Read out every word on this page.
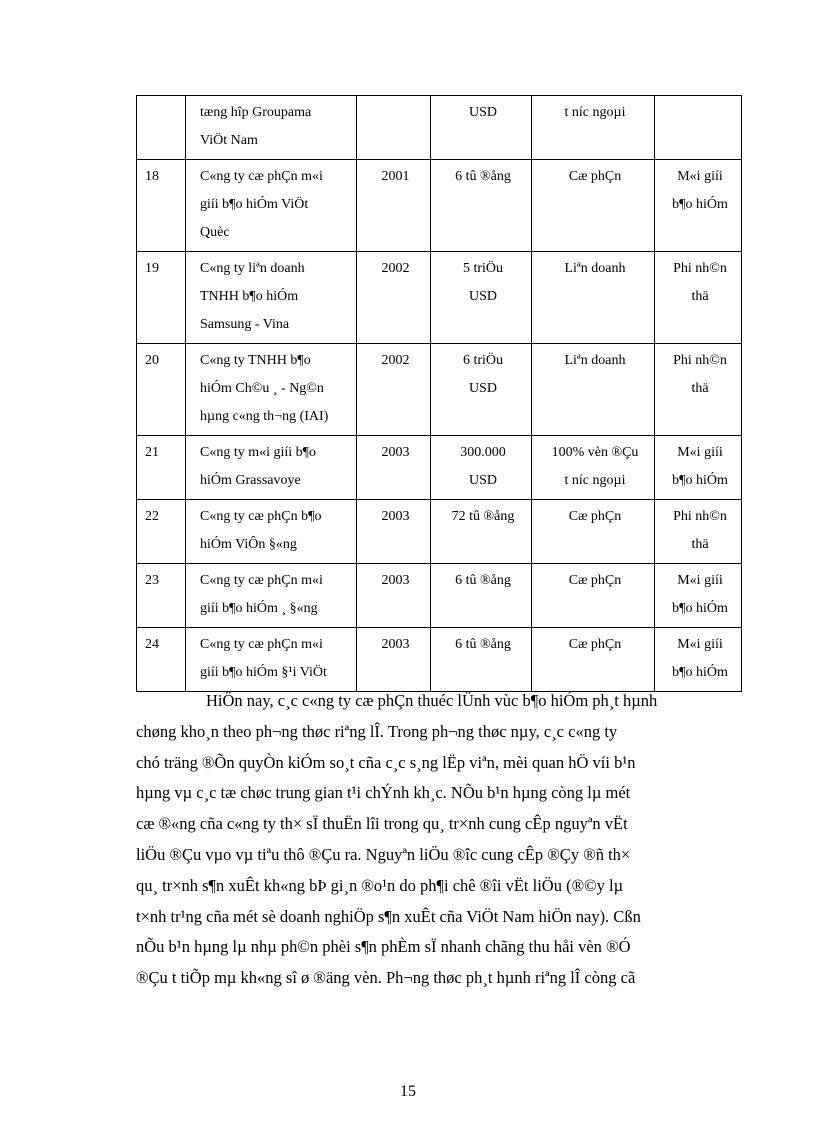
	tæng hîp Groupama
ViÖt Nam		USD	t níc ngoµi	

18	C«ng ty cæ phÇn m«i
giíi b¶o hiÓm ViÖt
Quèc	2001	6 tû ®ång	Cæ phÇn	M«i giíi
b¶o hiÓm

19	C«ng ty liªn doanh
TNHH b¶o hiÓm
Samsung - Vina	2002	5 triÖu
USD	Liªn doanh	Phi nh©n
thä

20	C«ng ty TNHH b¶o
hiÓm Ch©u ¸ - Ng©n
hµng c«ng th¬ng (IAI)	2002	6 triÖu
USD	Liªn doanh	Phi nh©n
thä

21	C«ng ty m«i giíi b¶o
hiÓm Grassavoye	2003	300.000
USD	100% vèn ®Çu
t níc ngoµi	M«i giíi
b¶o hiÓm

22	C«ng ty cæ phÇn b¶o
hiÓm ViÔn §«ng	2003	72 tû ®ång	Cæ phÇn	Phi nh©n
thä

23	C«ng ty cæ phÇn m«i
giíi b¶o hiÓm ¸ §«ng	2003	6 tû ®ång	Cæ phÇn	M«i giíi
b¶o hiÓm

24	C«ng ty cæ phÇn m«i
giíi b¶o hiÓm §¹i ViÖt	2003	6 tû ®ång	Cæ phÇn	M«i giíi
b¶o hiÓm
HiÖn nay, c¸c c«ng ty cæ phÇn thuéc lÜnh vùc b¶o hiÓm ph¸t hµnh
chøng kho¸n theo ph¬ng thøc riªng lÎ. Trong ph¬ng thøc nµy, c¸c c«ng ty
chó träng ®Õn quyÒn kiÓm so¸t cña c¸c s¸ng lËp viªn, mèi quan hÖ víi b¹n
hµng vµ c¸c tæ chøc trung gian t¹i chÝnh kh¸c. NÕu b¹n hµng còng lµ mét
cæ ®«ng cña c«ng ty th× sÏ thuËn lîi trong qu¸ tr×nh cung cÊp nguyªn vËt
liÖu ®Çu vµo vµ tiªu thô ®Çu ra. Nguyªn liÖu ®îc cung cÊp ®Çy ®ñ th×
qu¸ tr×nh s¶n xuÊt kh«ng bÞ gi¸n ®o¹n do ph¶i chê ®îi vËt liÖu (®©y lµ
t×nh tr¹ng cña mét sè doanh nghiÖp s¶n xuÊt cña ViÖt Nam hiÖn nay). Cßn
nÕu b¹n hµng lµ nhµ ph©n phèi s¶n phÈm sÏ nhanh chãng thu håi vèn ®Ó
®Çu t tiÕp mµ kh«ng sî ø ®äng vèn. Ph¬ng thøc ph¸t hµnh riªng lÎ còng cã
15
